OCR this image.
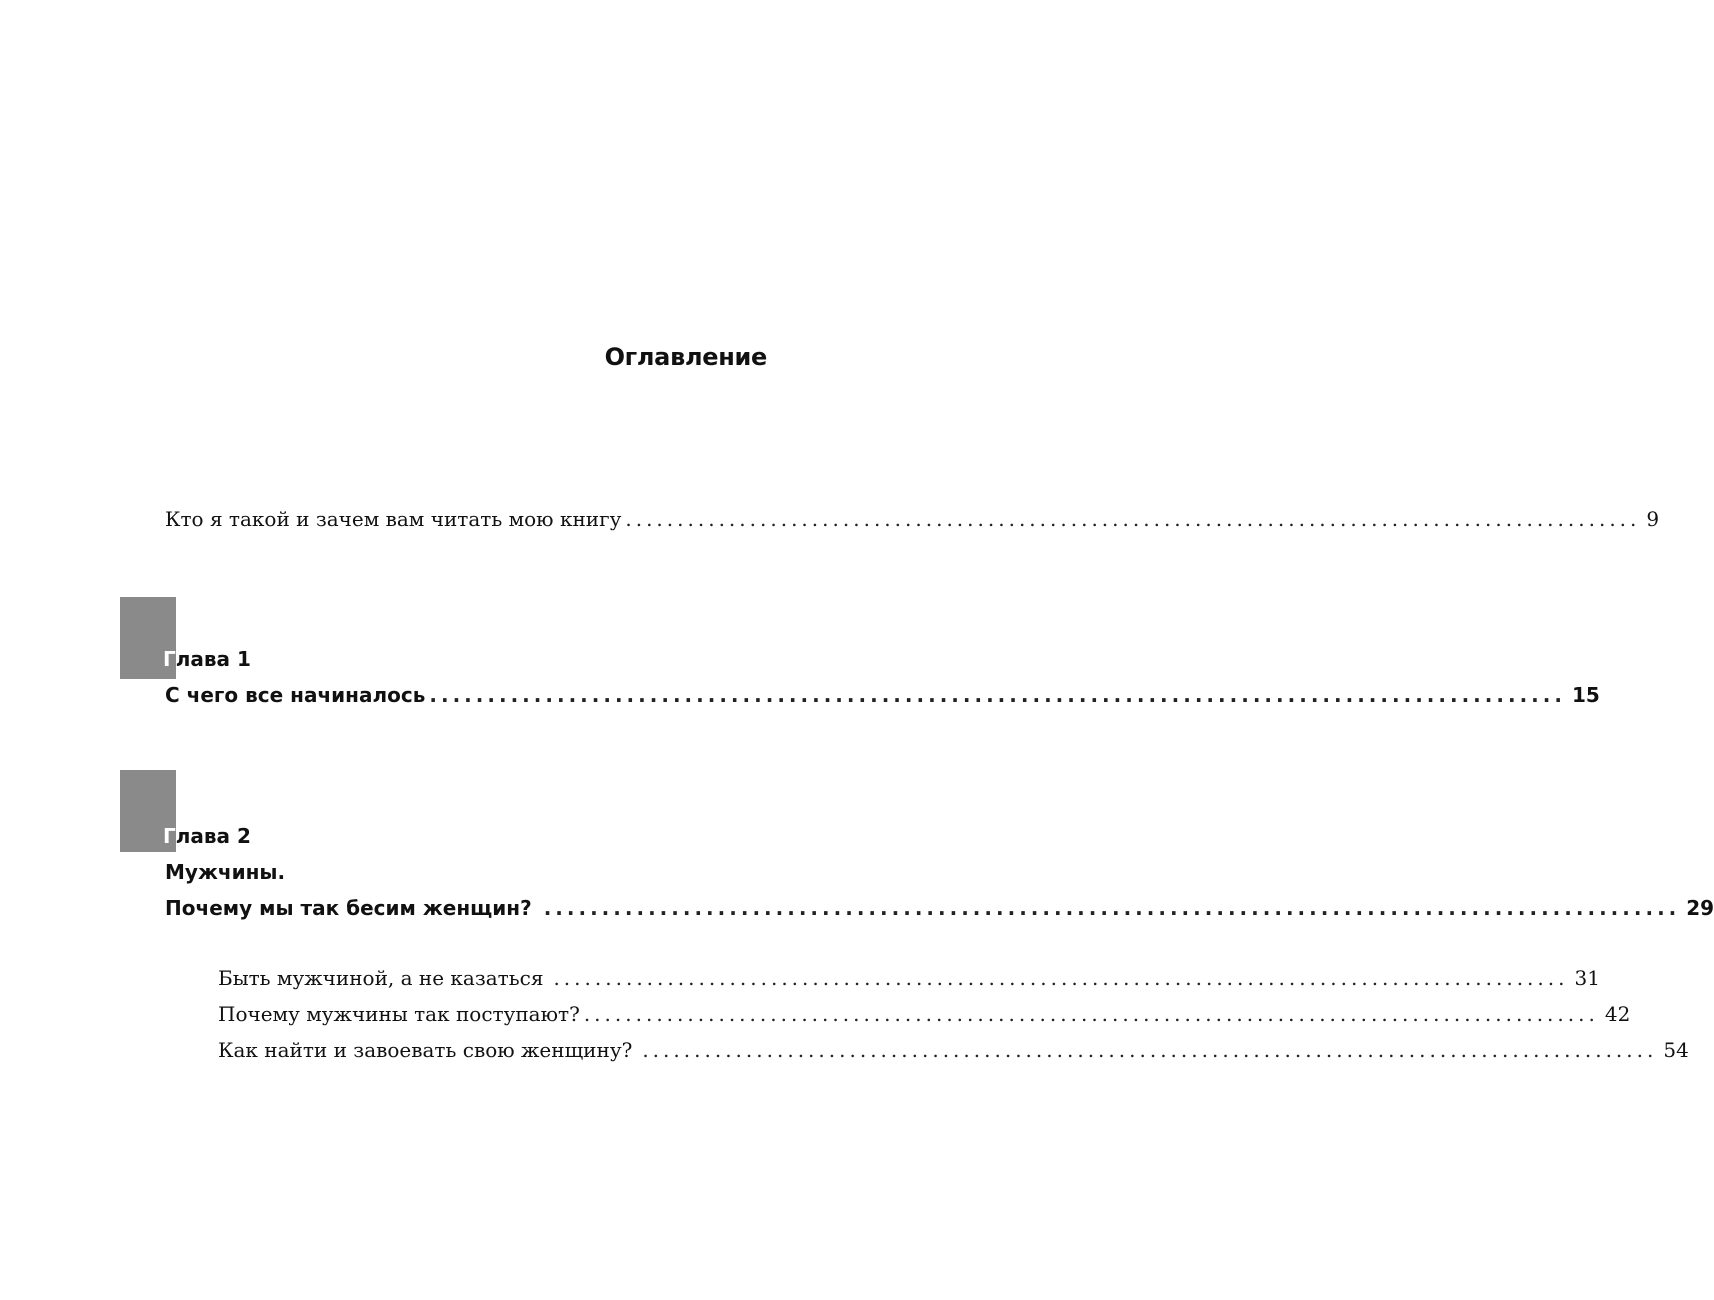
Оглавление
Кто я такой и зачем вам читать мою книгу .................................................................................................. 9
Глава 1
С чего все начиналось .................................................................................................. 15
Глава 2
Мужчины.
Почему мы так бесим женщин? .................................................................................................. 29
Быть мужчиной, а не казаться .................................................................................................. 31
Почему мужчины так поступают? .................................................................................................. 42
Как найти и завоевать свою женщину? .................................................................................................. 54
